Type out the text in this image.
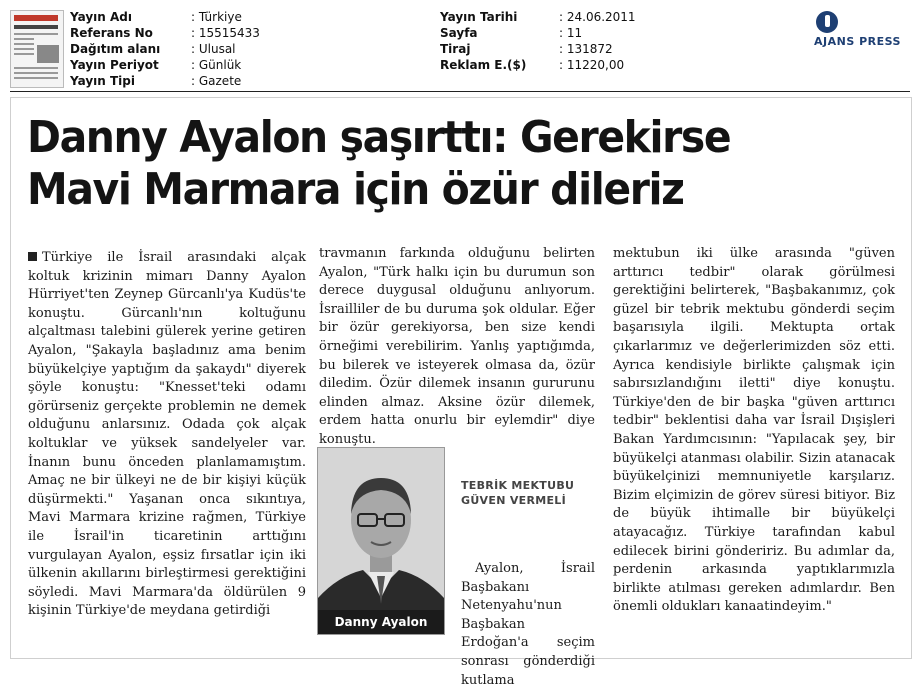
Yayın Adı	: Türkiye
Referans No	: 15515433
Dağıtım alanı	: Ulusal
Yayın Periyot	: Günlük
Yayın Tipi	: Gazete
Yayın Tarihi	: 24.06.2011
Sayfa	: 11
Tiraj	: 131872
Reklam E.($)	: 11220,00
AJANS PRESS
Danny Ayalon şaşırttı: Gerekirse
Mavi Marmara için özür dileriz

Türkiye ile İsrail arasındaki alçak koltuk krizinin mimarı Danny Ayalon Hürriyet'ten Zeynep Gürcanlı'ya Kudüs'te konuştu. Gürcanlı'nın koltuğunu alçaltması talebini gülerek yerine getiren Ayalon, "Şakayla başladınız ama benim büyükelçiye yaptığım da şakaydı" diyerek şöyle konuştu: "Knesset'teki odamı görürseniz gerçekte problemin ne demek olduğunu anlarsınız. Odada çok alçak koltuklar ve yüksek sandelyeler var. İnanın bunu önceden planlamamıştım. Amaç ne bir ülkeyi ne de bir kişiyi küçük düşürmekti." Yaşanan onca sıkıntıya, Mavi Marmara krizine rağmen, Türkiye ile İsrail'in ticaretinin arttığını vurgulayan Ayalon, eşsiz fırsatlar için iki ülkenin akıllarını birleştirmesi gerektiğini söyledi. Mavi Marmara'da öldürülen 9 kişinin Türkiye'de meydana getirdiği

travmanın farkında olduğunu belirten Ayalon, "Türk halkı için bu durumun son derece duygusal olduğunu anlıyorum. İsrailliler de bu duruma şok oldular. Eğer bir özür gerekiyorsa, ben size kendi örneğimi verebilirim. Yanlış yaptığımda, bu bilerek ve isteyerek olmasa da, özür diledim. Özür dilemek insanın gururunu elinden almaz. Aksine özür dilemek, erdem hatta onurlu bir eylemdir" diye konuştu.

Danny Ayalon
TEBRİK MEKTUBU
GÜVEN VERMELİ

Ayalon, İsrail Başbakanı Netenyahu'nun Başbakan Erdoğan'a seçim sonrası gönderdiği kutlama

mektubun iki ülke arasında "güven arttırıcı tedbir" olarak görülmesi gerektiğini belirterek, "Başbakanımız, çok güzel bir tebrik mektubu gönderdi seçim başarısıyla ilgili. Mektupta ortak çıkarlarımız ve değerlerimizden söz etti. Ayrıca kendisiyle birlikte çalışmak için sabırsızlandığını iletti" diye konuştu. Türkiye'den de bir başka "güven arttırıcı tedbir" beklentisi daha var İsrail Dışişleri Bakan Yardımcısının: "Yapılacak şey, bir büyükelçi atanması olabilir. Sizin atanacak büyükelçinizi memnuniyetle karşılarız. Bizim elçimizin de görev süresi bitiyor. Biz de büyük ihtimalle bir büyükelçi atayacağız. Türkiye tarafından kabul edilecek birini göndeririz. Bu adımlar da, perdenin arkasında yaptıklarımızla birlikte atılması gereken adımlardır. Ben önemli oldukları kanaatindeyim."
